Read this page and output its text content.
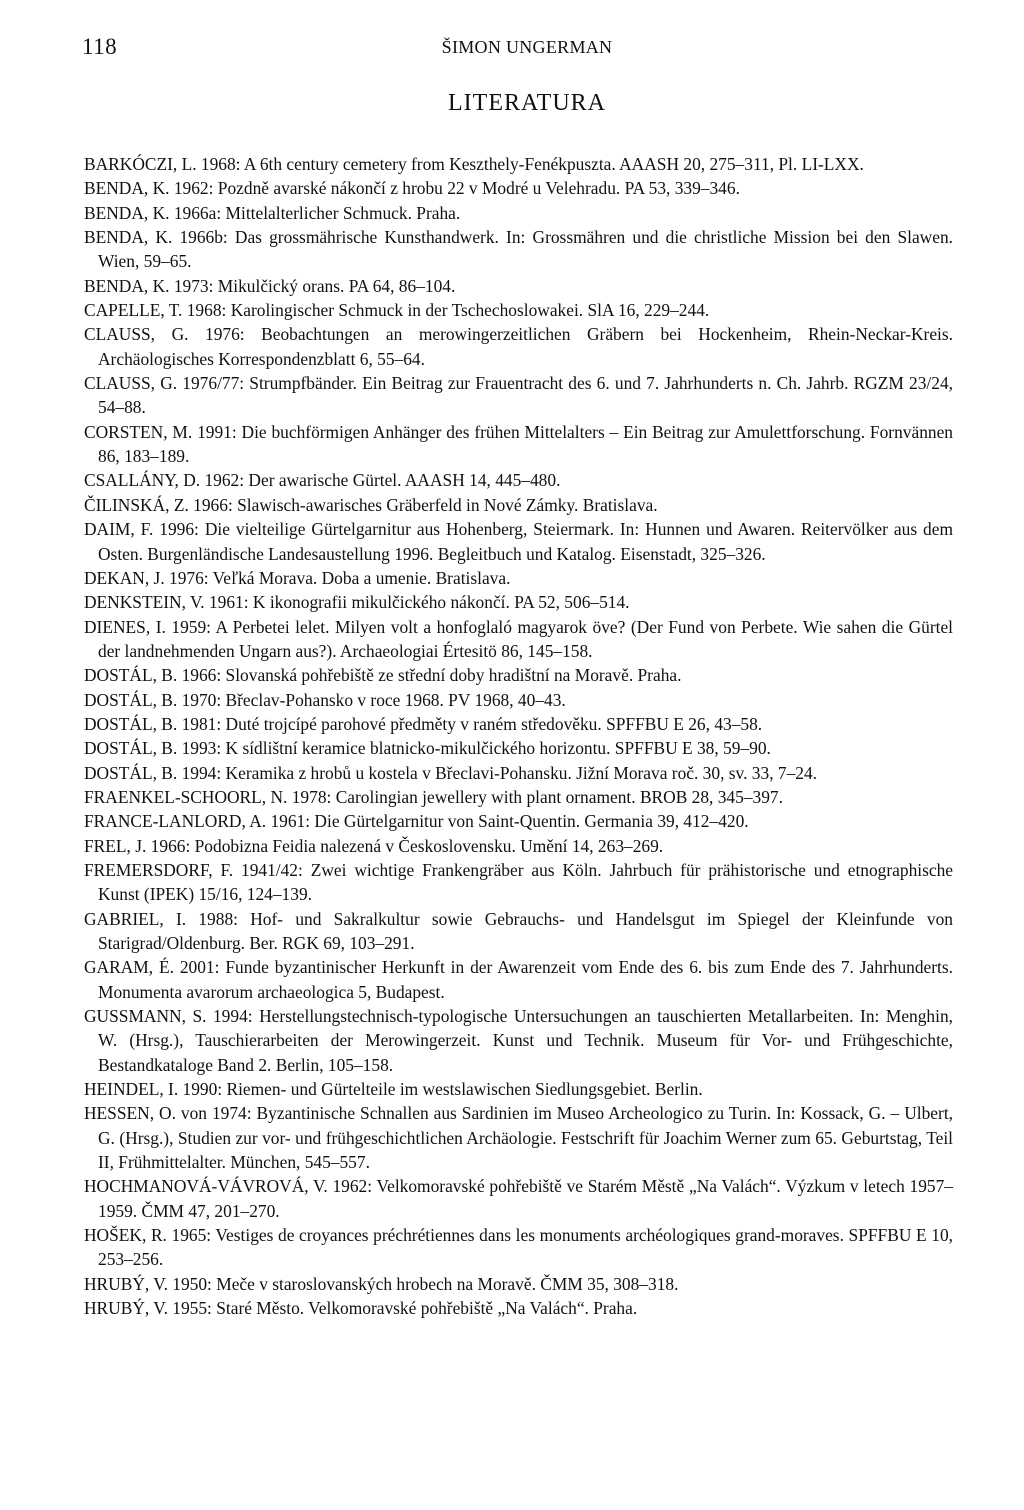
118	ŠIMON UNGERMAN
LITERATURA
BARKÓCZI, L. 1968: A 6th century cemetery from Keszthely-Fenékpuszta. AAASH 20, 275–311, Pl. LI-LXX.
BENDA, K. 1962: Pozdně avarské nákončí z hrobu 22 v Modré u Velehradu. PA 53, 339–346.
BENDA, K. 1966a: Mittelalterlicher Schmuck. Praha.
BENDA, K. 1966b: Das grossmährische Kunsthandwerk. In: Grossmähren und die christliche Mission bei den Slawen. Wien, 59–65.
BENDA, K. 1973: Mikulčický orans. PA 64, 86–104.
CAPELLE, T. 1968: Karolingischer Schmuck in der Tschechoslowakei. SlA 16, 229–244.
CLAUSS, G. 1976: Beobachtungen an merowingerzeitlichen Gräbern bei Hockenheim, Rhein-Neckar-Kreis. Archäologisches Korrespondenzblatt 6, 55–64.
CLAUSS, G. 1976/77: Strumpfbänder. Ein Beitrag zur Frauentracht des 6. und 7. Jahrhunderts n. Ch. Jahrb. RGZM 23/24, 54–88.
CORSTEN, M. 1991: Die buchförmigen Anhänger des frühen Mittelalters – Ein Beitrag zur Amulettforschung. Fornvännen 86, 183–189.
CSALLÁNY, D. 1962: Der awarische Gürtel. AAASH 14, 445–480.
ČILINSKÁ, Z. 1966: Slawisch-awarisches Gräberfeld in Nové Zámky. Bratislava.
DAIM, F. 1996: Die vielteilige Gürtelgarnitur aus Hohenberg, Steiermark. In: Hunnen und Awaren. Reitervölker aus dem Osten. Burgenländische Landesaustellung 1996. Begleitbuch und Katalog. Eisenstadt, 325–326.
DEKAN, J. 1976: Veľká Morava. Doba a umenie. Bratislava.
DENKSTEIN, V. 1961: K ikonografii mikulčického nákončí. PA 52, 506–514.
DIENES, I. 1959: A Perbetei lelet. Milyen volt a honfoglaló magyarok öve? (Der Fund von Perbete. Wie sahen die Gürtel der landnehmenden Ungarn aus?). Archaeologiai Értesitö 86, 145–158.
DOSTÁL, B. 1966: Slovanská pohřebiště ze střední doby hradištní na Moravě. Praha.
DOSTÁL, B. 1970: Břeclav-Pohansko v roce 1968. PV 1968, 40–43.
DOSTÁL, B. 1981: Duté trojcípé parohové předměty v raném středověku. SPFFBU E 26, 43–58.
DOSTÁL, B. 1993: K sídlištní keramice blatnicko-mikulčického horizontu. SPFFBU E 38, 59–90.
DOSTÁL, B. 1994: Keramika z hrobů u kostela v Břeclavi-Pohansku. Jižní Morava roč. 30, sv. 33, 7–24.
FRAENKEL-SCHOORL, N. 1978: Carolingian jewellery with plant ornament. BROB 28, 345–397.
FRANCE-LANLORD, A. 1961: Die Gürtelgarnitur von Saint-Quentin. Germania 39, 412–420.
FREL, J. 1966: Podobizna Feidia nalezená v Československu. Umění 14, 263–269.
FREMERSDORF, F. 1941/42: Zwei wichtige Frankengräber aus Köln. Jahrbuch für prähistorische und etnographische Kunst (IPEK) 15/16, 124–139.
GABRIEL, I. 1988: Hof- und Sakralkultur sowie Gebrauchs- und Handelsgut im Spiegel der Kleinfunde von Starigrad/Oldenburg. Ber. RGK 69, 103–291.
GARAM, É. 2001: Funde byzantinischer Herkunft in der Awarenzeit vom Ende des 6. bis zum Ende des 7. Jahrhunderts. Monumenta avarorum archaeologica 5, Budapest.
GUSSMANN, S. 1994: Herstellungstechnisch-typologische Untersuchungen an tauschierten Metallarbeiten. In: Menghin, W. (Hrsg.), Tauschierarbeiten der Merowingerzeit. Kunst und Technik. Museum für Vor- und Frühgeschichte, Bestandkataloge Band 2. Berlin, 105–158.
HEINDEL, I. 1990: Riemen- und Gürtelteile im westslawischen Siedlungsgebiet. Berlin.
HESSEN, O. von 1974: Byzantinische Schnallen aus Sardinien im Museo Archeologico zu Turin. In: Kossack, G. – Ulbert, G. (Hrsg.), Studien zur vor- und frühgeschichtlichen Archäologie. Festschrift für Joachim Werner zum 65. Geburtstag, Teil II, Frühmittelalter. München, 545–557.
HOCHMANOVÁ-VÁVROVÁ, V. 1962: Velkomoravské pohřebiště ve Starém Městě „Na Valách“. Výzkum v letech 1957–1959. ČMM 47, 201–270.
HOŠEK, R. 1965: Vestiges de croyances préchrétiennes dans les monuments archéologiques grand-moraves. SPFFBU E 10, 253–256.
HRUBÝ, V. 1950: Meče v staroslovanských hrobech na Moravě. ČMM 35, 308–318.
HRUBÝ, V. 1955: Staré Město. Velkomoravské pohřebiště „Na Valách“. Praha.
